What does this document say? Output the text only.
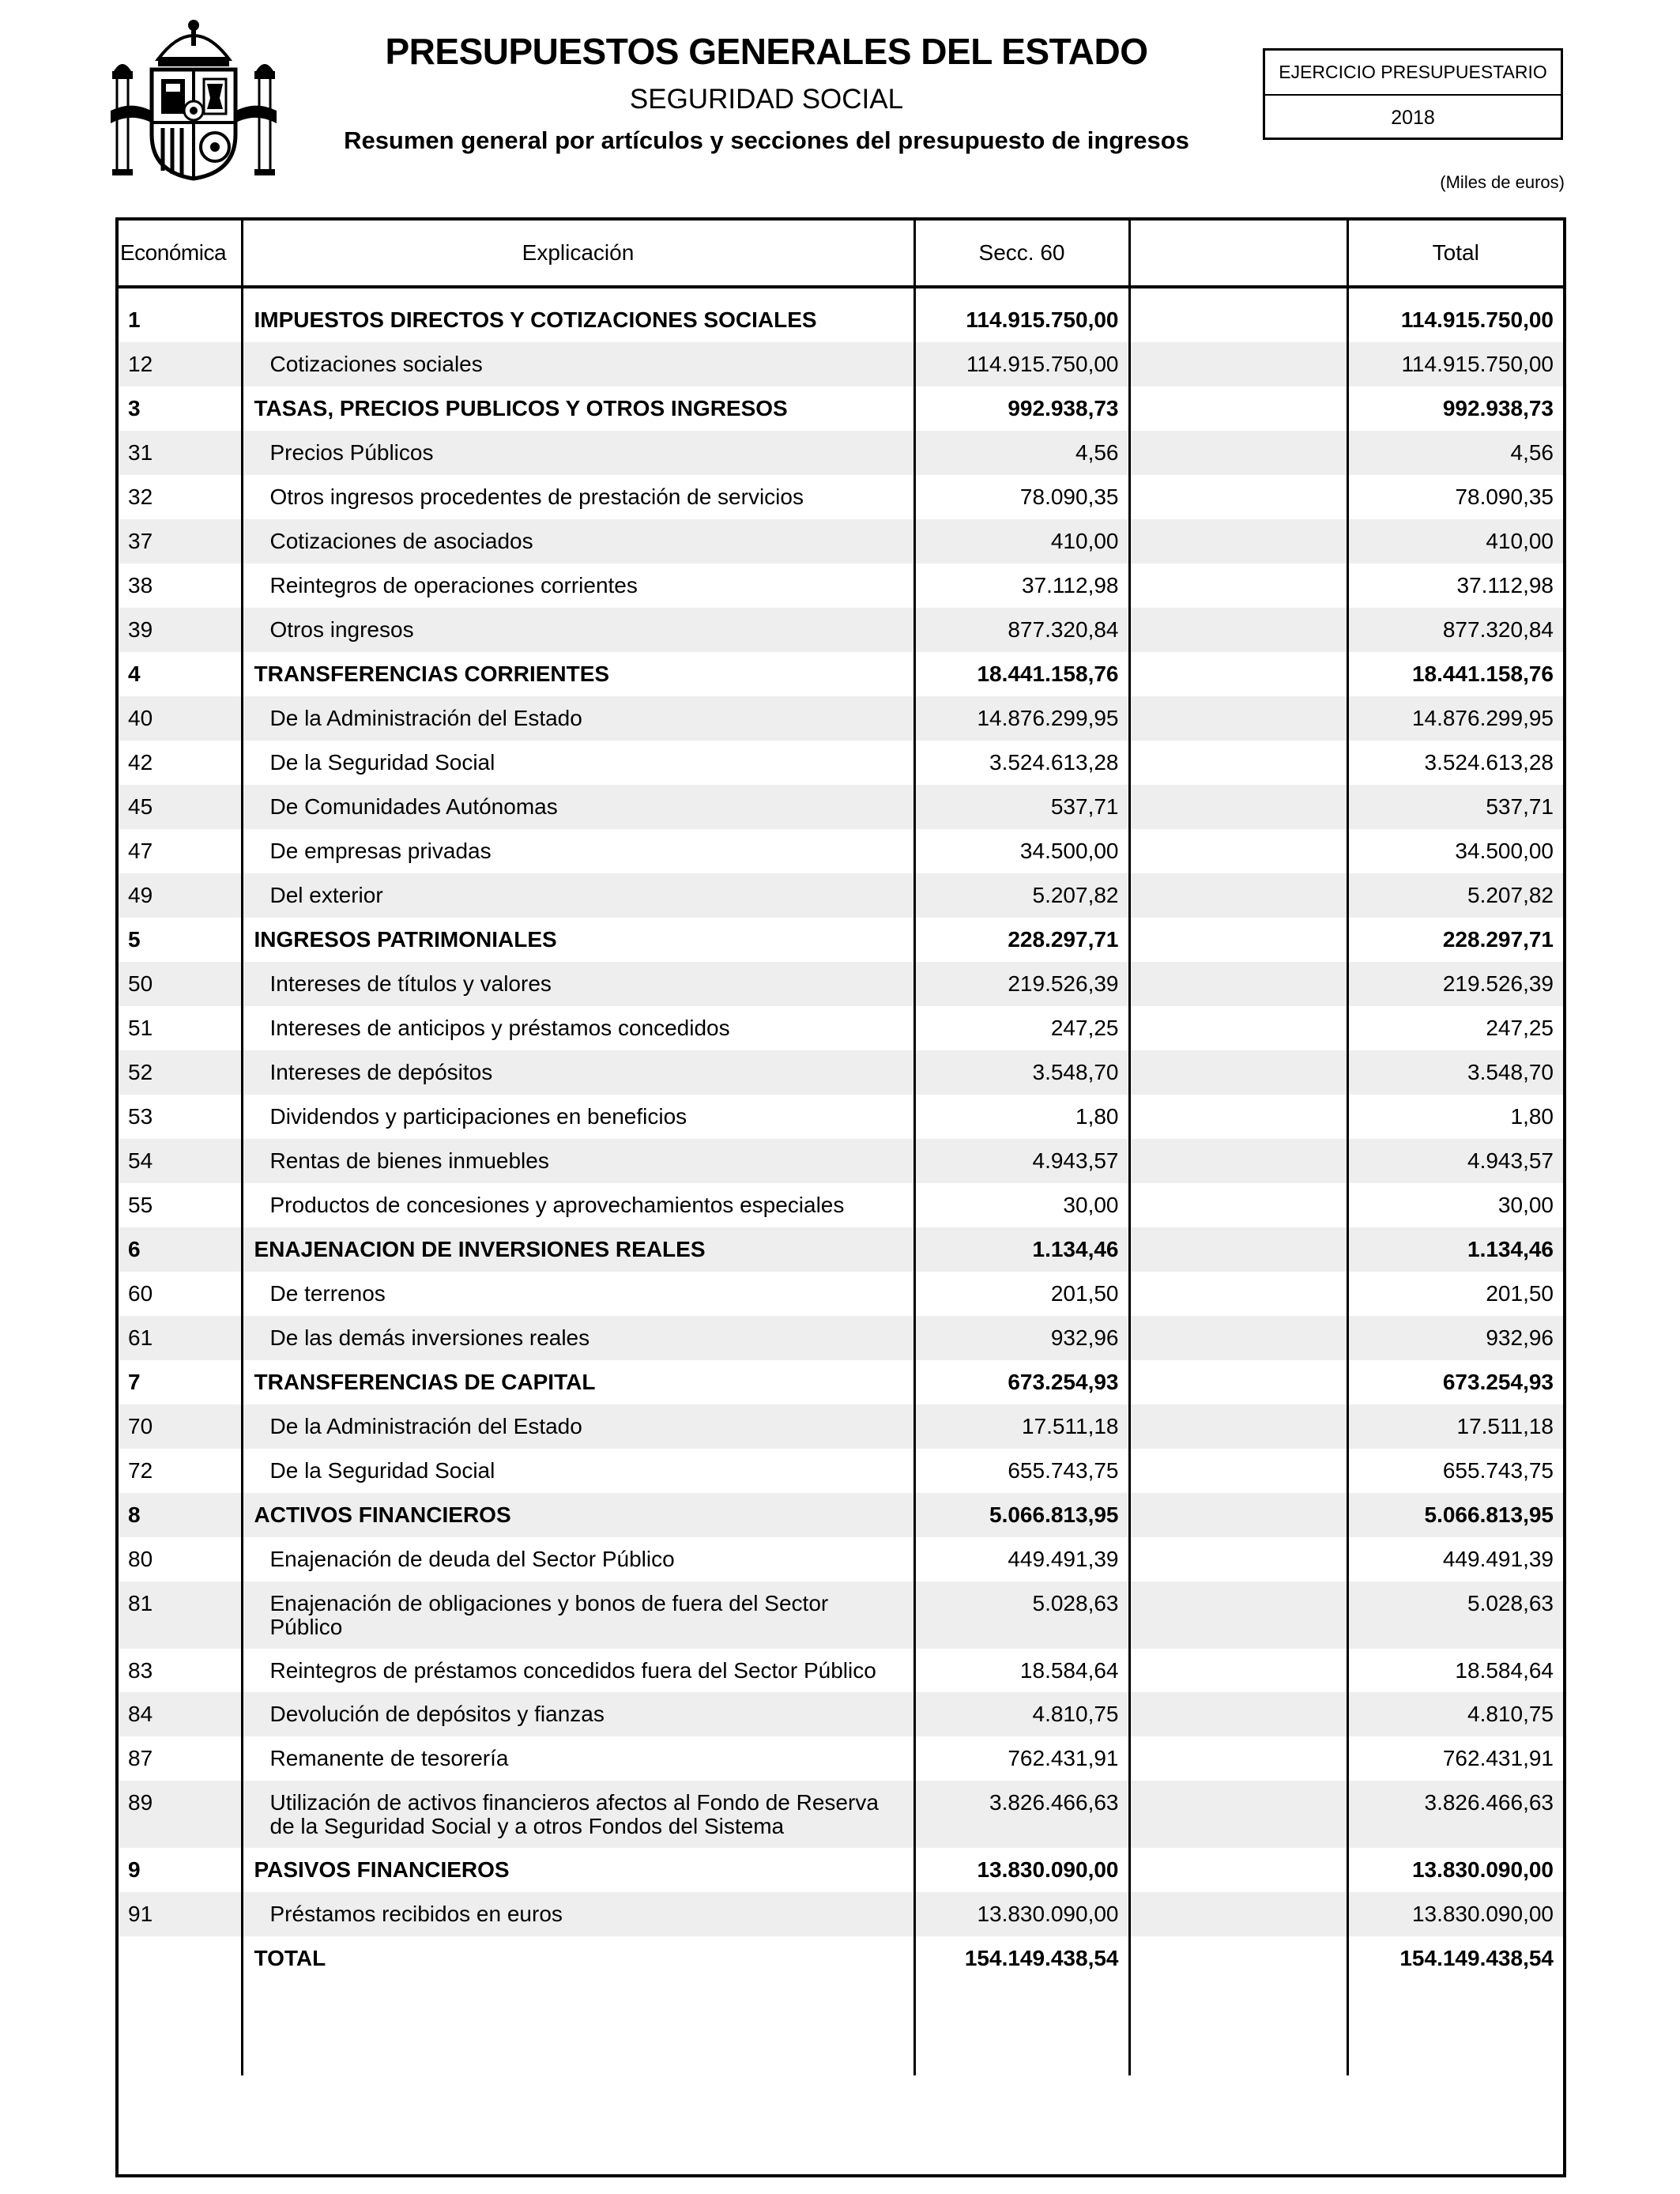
PRESUPUESTOS GENERALES DEL ESTADO
SEGURIDAD SOCIAL
Resumen general por artículos y secciones del presupuesto de ingresos
EJERCICIO PRESUPUESTARIO
2018
(Miles de euros)
Económica	Explicación	Secc. 60		Total

1	IMPUESTOS DIRECTOS Y COTIZACIONES SOCIALES	114.915.750,00		114.915.750,00
12	Cotizaciones sociales	114.915.750,00		114.915.750,00
3	TASAS, PRECIOS PUBLICOS Y OTROS INGRESOS	992.938,73		992.938,73
31	Precios Públicos	4,56		4,56
32	Otros ingresos procedentes de prestación de servicios	78.090,35		78.090,35
37	Cotizaciones de asociados	410,00		410,00
38	Reintegros de operaciones corrientes	37.112,98		37.112,98
39	Otros ingresos	877.320,84		877.320,84
4	TRANSFERENCIAS CORRIENTES	18.441.158,76		18.441.158,76
40	De la Administración del Estado	14.876.299,95		14.876.299,95
42	De la Seguridad Social	3.524.613,28		3.524.613,28
45	De Comunidades Autónomas	537,71		537,71
47	De empresas privadas	34.500,00		34.500,00
49	Del exterior	5.207,82		5.207,82
5	INGRESOS PATRIMONIALES	228.297,71		228.297,71
50	Intereses de títulos y valores	219.526,39		219.526,39
51	Intereses de anticipos y préstamos concedidos	247,25		247,25
52	Intereses de depósitos	3.548,70		3.548,70
53	Dividendos y participaciones en beneficios	1,80		1,80
54	Rentas de bienes inmuebles	4.943,57		4.943,57
55	Productos de concesiones y aprovechamientos especiales	30,00		30,00
6	ENAJENACION DE INVERSIONES REALES	1.134,46		1.134,46
60	De terrenos	201,50		201,50
61	De las demás inversiones reales	932,96		932,96
7	TRANSFERENCIAS DE CAPITAL	673.254,93		673.254,93
70	De la Administración del Estado	17.511,18		17.511,18
72	De la Seguridad Social	655.743,75		655.743,75
8	ACTIVOS FINANCIEROS	5.066.813,95		5.066.813,95
80	Enajenación de deuda del Sector Público	449.491,39		449.491,39
81	Enajenación de obligaciones y bonos de fuera del Sector Público	5.028,63		5.028,63
83	Reintegros de préstamos concedidos fuera del Sector Público	18.584,64		18.584,64
84	Devolución de depósitos y fianzas	4.810,75		4.810,75
87	Remanente de tesorería	762.431,91		762.431,91
89	Utilización de activos financieros afectos al Fondo de Reserva de la Seguridad Social y a otros Fondos del Sistema	3.826.466,63		3.826.466,63
9	PASIVOS FINANCIEROS	13.830.090,00		13.830.090,00
91	Préstamos recibidos en euros	13.830.090,00		13.830.090,00
	TOTAL	154.149.438,54		154.149.438,54
